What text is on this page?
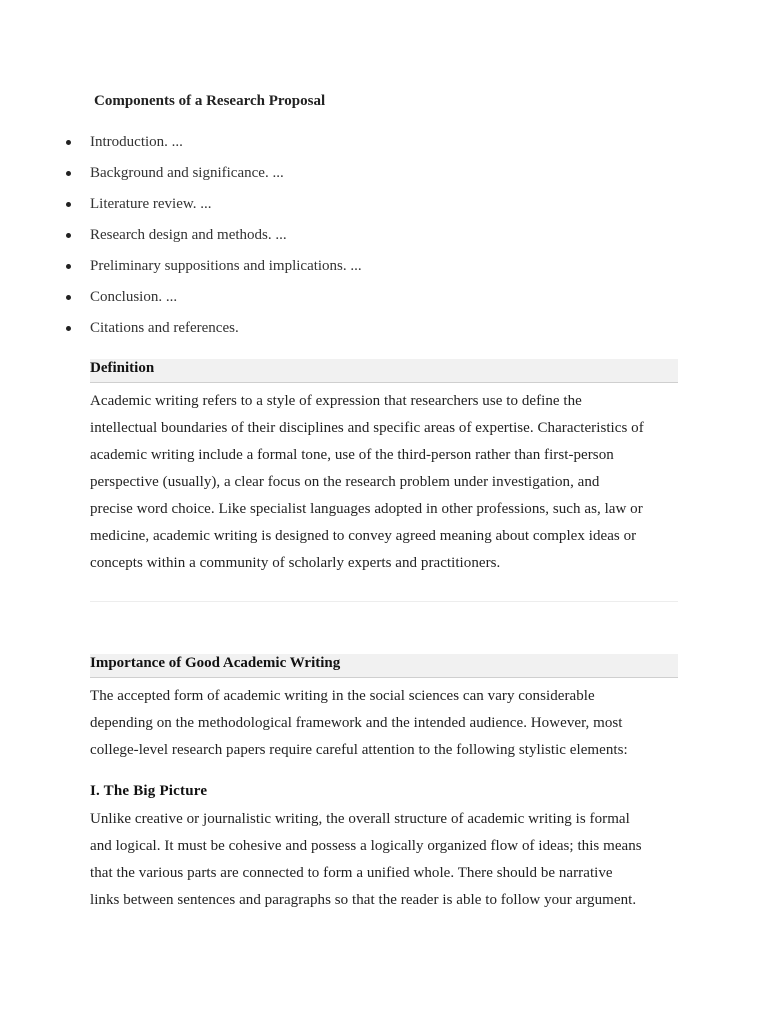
Components of a Research Proposal
Introduction. ...
Background and significance. ...
Literature review. ...
Research design and methods. ...
Preliminary suppositions and implications. ...
Conclusion. ...
Citations and references.
Definition
Academic writing refers to a style of expression that researchers use to define the
intellectual boundaries of their disciplines and specific areas of expertise. Characteristics of
academic writing include a formal tone, use of the third-person rather than first-person
perspective (usually), a clear focus on the research problem under investigation, and
precise word choice. Like specialist languages adopted in other professions, such as, law or
medicine, academic writing is designed to convey agreed meaning about complex ideas or
concepts within a community of scholarly experts and practitioners.
Importance of Good Academic Writing
The accepted form of academic writing in the social sciences can vary considerable
depending on the methodological framework and the intended audience. However, most
college-level research papers require careful attention to the following stylistic elements:
I. The Big Picture
Unlike creative or journalistic writing, the overall structure of academic writing is formal
and logical. It must be cohesive and possess a logically organized flow of ideas; this means
that the various parts are connected to form a unified whole. There should be narrative
links between sentences and paragraphs so that the reader is able to follow your argument.
